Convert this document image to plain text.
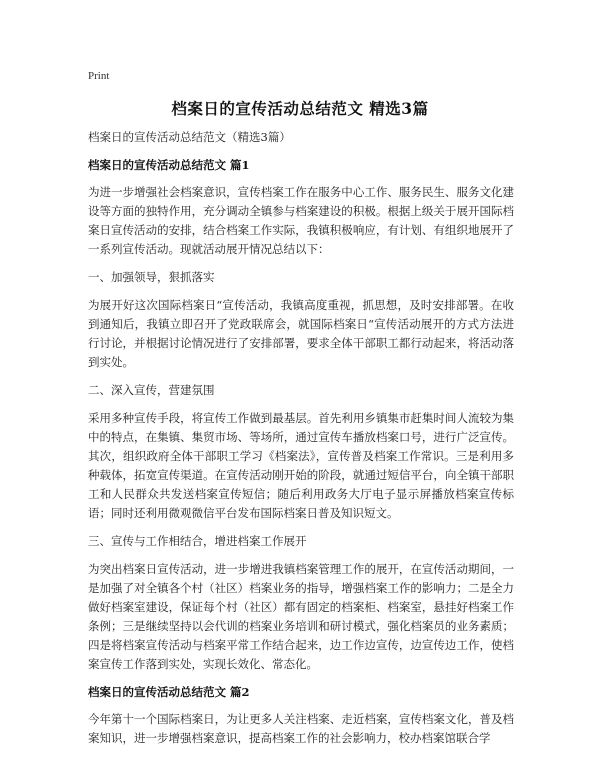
Print
档案日的宣传活动总结范文 精选3篇

档案日的宣传活动总结范文（精选3篇）

档案日的宣传活动总结范文 篇1

为进一步增强社会档案意识，宣传档案工作在服务中心工作、服务民生、服务文化建设等方面的独特作用，充分调动全镇参与档案建设的积极。根据上级关于展开国际档案日宣传活动的安排，结合档案工作实际，我镇积极响应，有计划、有组织地展开了一系列宣传活动。现就活动展开情况总结以下：

一、加强领导，狠抓落实

为展开好这次国际档案日“宣传活动，我镇高度重视，抓思想，及时安排部署。在收到通知后，我镇立即召开了党政联席会，就国际档案日“宣传活动展开的方式方法进行讨论，并根据讨论情况进行了安排部署，要求全体干部职工都行动起来，将活动落到实处。

二、深入宣传，营建氛围

采用多种宣传手段，将宣传工作做到最基层。首先利用乡镇集市赶集时间人流较为集中的特点，在集镇、集贸市场、等场所，通过宣传车播放档案口号，进行广泛宣传。其次，组织政府全体干部职工学习《档案法》，宣传普及档案工作常识。三是利用多种载体，拓宽宣传渠道。在宣传活动刚开始的阶段，就通过短信平台，向全镇干部职工和人民群众共发送档案宣传短信；随后利用政务大厅电子显示屏播放档案宣传标语；同时还利用微观微信平台发布国际档案日普及知识短文。

三、宣传与工作相结合，增进档案工作展开

为突出档案日宣传活动，进一步增进我镇档案管理工作的展开，在宣传活动期间，一是加强了对全镇各个村（社区）档案业务的指导，增强档案工作的影响力；二是全力做好档案室建设，保证每个村（社区）都有固定的档案柜、档案室，悬挂好档案工作条例；三是继续坚持以会代训的档案业务培训和研讨模式，强化档案员的业务素质；四是将档案宣传活动与档案平常工作结合起来，边工作边宣传，边宣传边工作，使档案宣传工作落到实处，实现长效化、常态化。

档案日的宣传活动总结范文 篇2

今年第十一个国际档案日，为让更多人关注档案、走近档案，宣传档案文化，普及档案知识，进一步增强档案意识，提高档案工作的社会影响力，校办档案馆联合学
